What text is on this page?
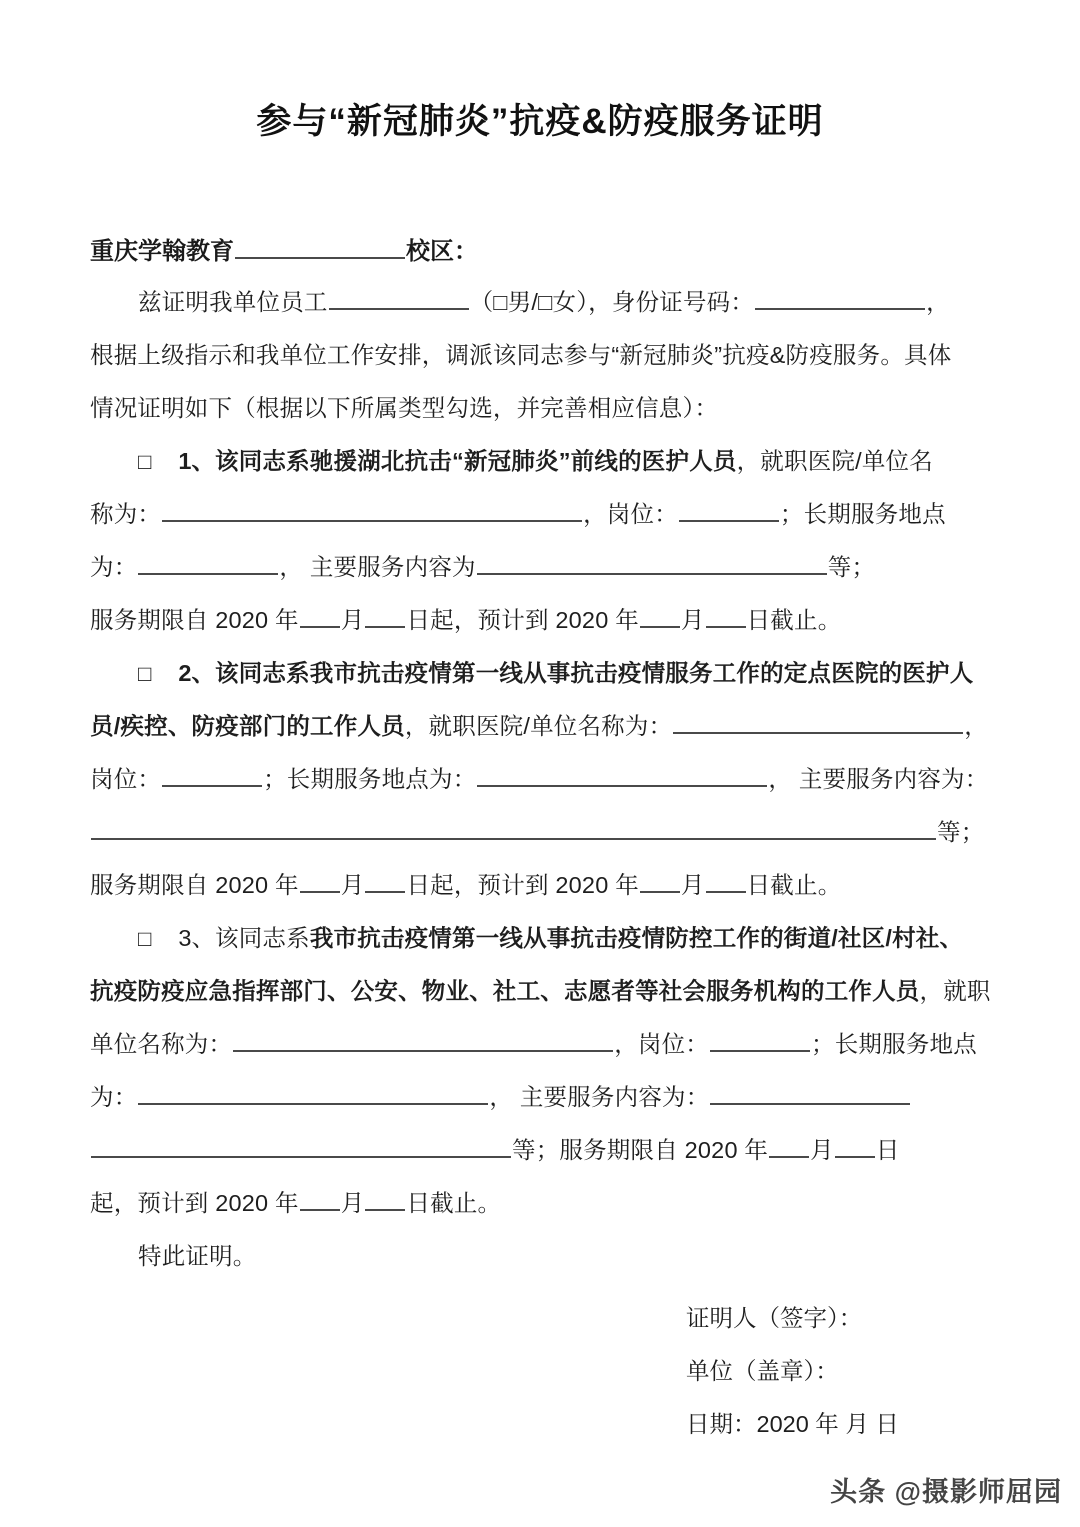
参与“新冠肺炎”抗疫&防疫服务证明
重庆学翰教育	校区：
兹证明我单位员工	（□男/□女），身份证号码：	，
根据上级指示和我单位工作安排，调派该同志参与“新冠肺炎”抗疫&防疫服务。具体
情况证明如下（根据以下所属类型勾选，并完善相应信息）：
□ 1、该同志系驰援湖北抗击“新冠肺炎”前线的医护人员，就职医院/单位名
称为：	，岗位：	；长期服务地点
为：	， 主要服务内容为	等；
服务期限自 2020 年 月 日起，预计到 2020 年 月 日截止。
□ 2、该同志系我市抗击疫情第一线从事抗击疫情服务工作的定点医院的医护人
员/疾控、防疫部门的工作人员，就职医院/单位名称为：	，
岗位：	；长期服务地点为：	， 主要服务内容为：
等；
服务期限自 2020 年 月 日起，预计到 2020 年 月 日截止。
□ 3、该同志系我市抗击疫情第一线从事抗击疫情防控工作的街道/社区/村社、
抗疫防疫应急指挥部门、公安、物业、社工、志愿者等社会服务机构的工作人员，就职
单位名称为：	，岗位：	；长期服务地点
为：	， 主要服务内容为：
等；服务期限自 2020 年 月 日
起，预计到 2020 年 月 日截止。
特此证明。
证明人（签字）：
单位（盖章）：
日期：2020 年 月 日
头条 @摄影师屈园
